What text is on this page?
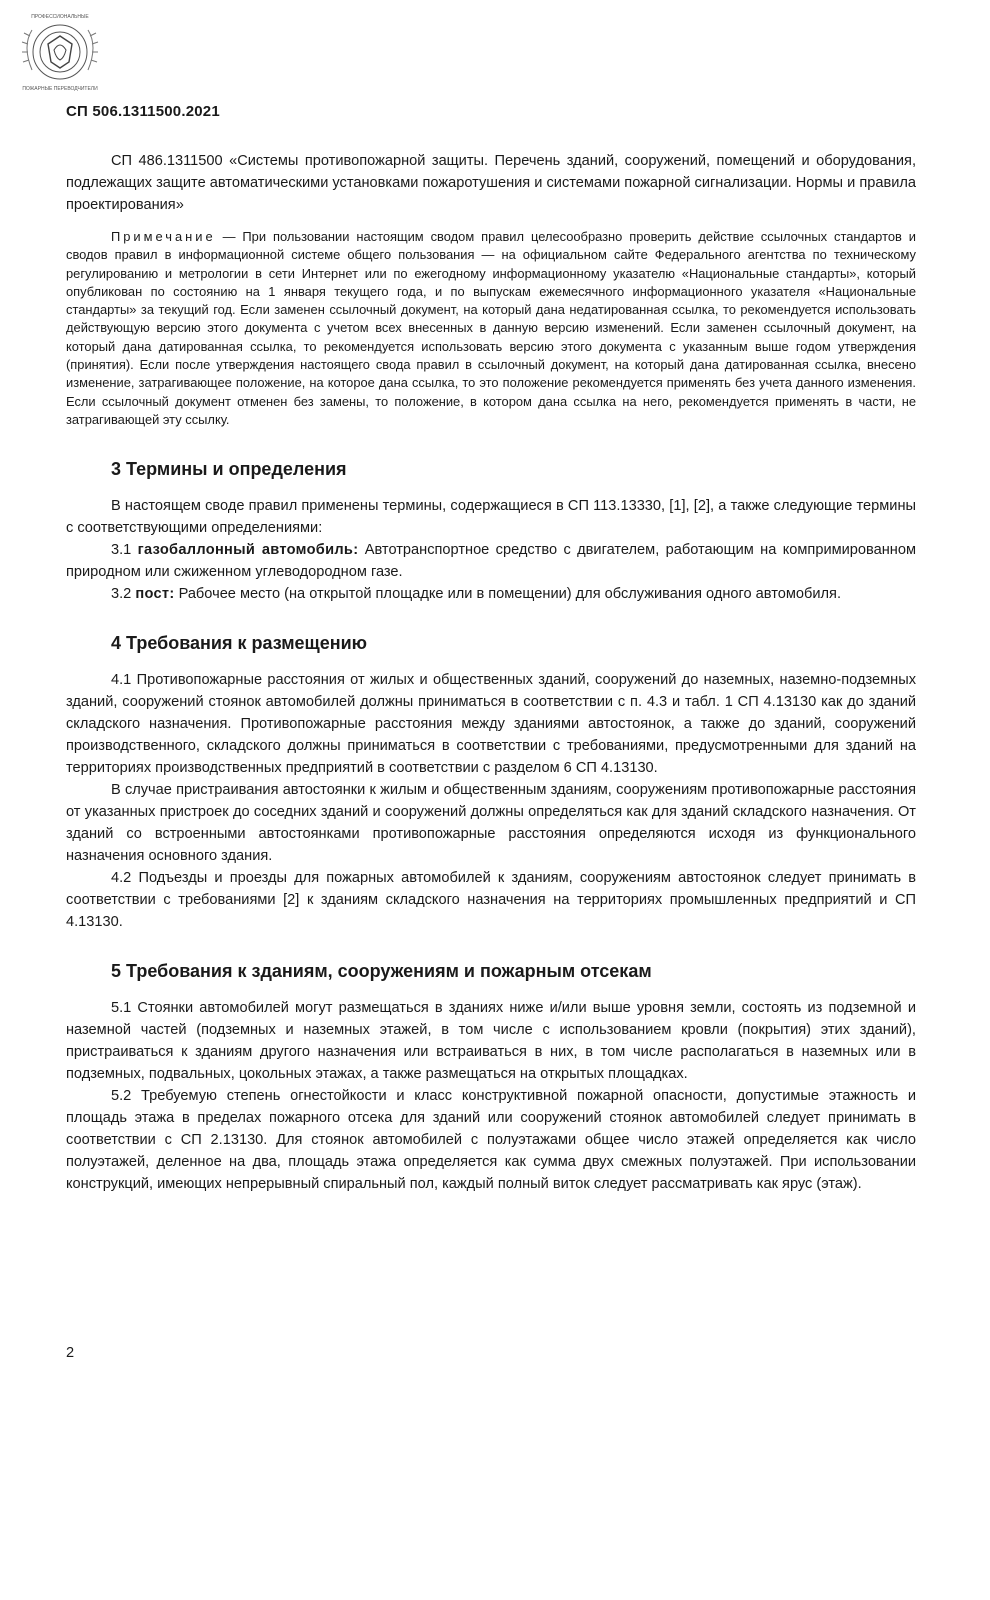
ПРОФЕССИОНАЛЬНЫЕ
ПОЖАРНЫЕ ПЕРЕВОДЧИТЕЛИ
СП 506.1311500.2021

СП 486.1311500 «Системы противопожарной защиты. Перечень зданий, сооружений, помещений и оборудования, подлежащих защите автоматическими установками пожаротушения и системами пожарной сигнализации. Нормы и правила проектирования»

Примечание — При пользовании настоящим сводом правил целесообразно проверить действие ссылочных стандартов и сводов правил в информационной системе общего пользования — на официальном сайте Федерального агентства по техническому регулированию и метрологии в сети Интернет или по ежегодному информационному указателю «Национальные стандарты», который опубликован по состоянию на 1 января текущего года, и по выпускам ежемесячного информационного указателя «Национальные стандарты» за текущий год. Если заменен ссылочный документ, на который дана недатированная ссылка, то рекомендуется использовать действующую версию этого документа с учетом всех внесенных в данную версию изменений. Если заменен ссылочный документ, на который дана датированная ссылка, то рекомендуется использовать версию этого документа с указанным выше годом утверждения (принятия). Если после утверждения настоящего свода правил в ссылочный документ, на который дана датированная ссылка, внесено изменение, затрагивающее положение, на которое дана ссылка, то это положение рекомендуется применять без учета данного изменения. Если ссылочный документ отменен без замены, то положение, в котором дана ссылка на него, рекомендуется применять в части, не затрагивающей эту ссылку.

3 Термины и определения

В настоящем своде правил применены термины, содержащиеся в СП 113.13330, [1], [2], а также следующие термины с соответствующими определениями:

3.1 газобаллонный автомобиль: Автотранспортное средство с двигателем, работающим на компримированном природном или сжиженном углеводородном газе.

3.2 пост: Рабочее место (на открытой площадке или в помещении) для обслуживания одного автомобиля.

4 Требования к размещению

4.1 Противопожарные расстояния от жилых и общественных зданий, сооружений до наземных, наземно-подземных зданий, сооружений стоянок автомобилей должны приниматься в соответствии с п. 4.3 и табл. 1 СП 4.13130 как до зданий складского назначения. Противопожарные расстояния между зданиями автостоянок, а также до зданий, сооружений производственного, складского должны приниматься в соответствии с требованиями, предусмотренными для зданий на территориях производственных предприятий в соответствии с разделом 6 СП 4.13130.

В случае пристраивания автостоянки к жилым и общественным зданиям, сооружениям противопожарные расстояния от указанных пристроек до соседних зданий и сооружений должны определяться как для зданий складского назначения. От зданий со встроенными автостоянками противопожарные расстояния определяются исходя из функционального назначения основного здания.

4.2 Подъезды и проезды для пожарных автомобилей к зданиям, сооружениям автостоянок следует принимать в соответствии с требованиями [2] к зданиям складского назначения на территориях промышленных предприятий и СП 4.13130.

5 Требования к зданиям, сооружениям и пожарным отсекам

5.1 Стоянки автомобилей могут размещаться в зданиях ниже и/или выше уровня земли, состоять из подземной и наземной частей (подземных и наземных этажей, в том числе с использованием кровли (покрытия) этих зданий), пристраиваться к зданиям другого назначения или встраиваться в них, в том числе располагаться в наземных или в подземных, подвальных, цокольных этажах, а также размещаться на открытых площадках.

5.2 Требуемую степень огнестойкости и класс конструктивной пожарной опасности, допустимые этажность и площадь этажа в пределах пожарного отсека для зданий или сооружений стоянок автомобилей следует принимать в соответствии с СП 2.13130. Для стоянок автомобилей с полуэтажами общее число этажей определяется как число полуэтажей, деленное на два, площадь этажа определяется как сумма двух смежных полуэтажей. При использовании конструкций, имеющих непрерывный спиральный пол, каждый полный виток следует рассматривать как ярус (этаж).

2
